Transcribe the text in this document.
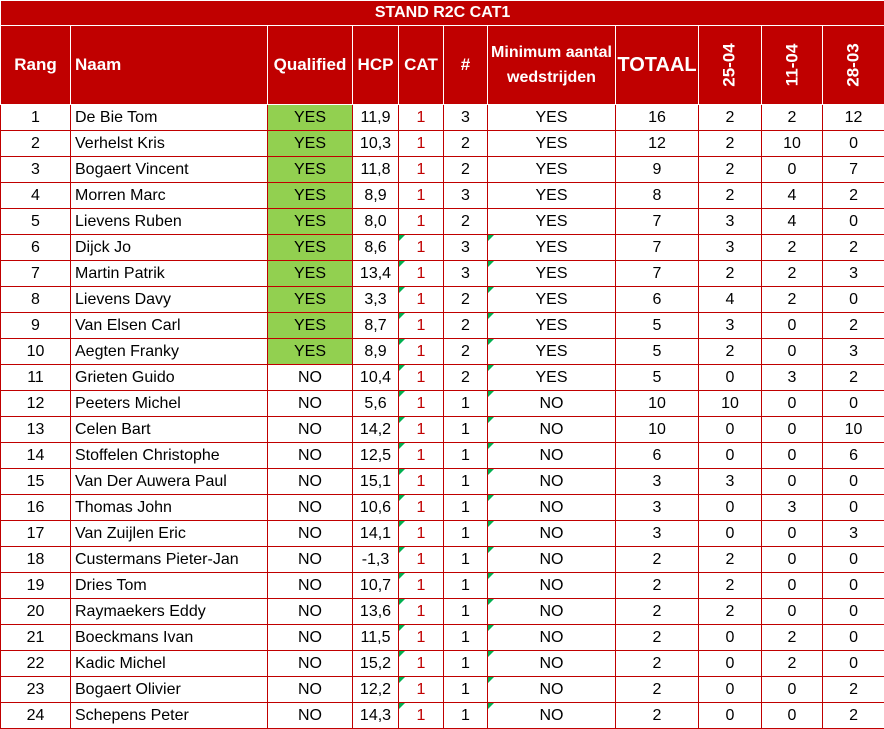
STAND R2C CAT1										
Rang	Naam	Qualified	HCP	CAT	#	Minimum aantal wedstrijden	TOTAAL	25-04	11-04	28-03
1	De Bie Tom	YES	11,9	1	3	YES	16	2	2	12
2	Verhelst Kris	YES	10,3	1	2	YES	12	2	10	0
3	Bogaert Vincent	YES	11,8	1	2	YES	9	2	0	7
4	Morren Marc	YES	8,9	1	3	YES	8	2	4	2
5	Lievens Ruben	YES	8,0	1	2	YES	7	3	4	0
6	Dijck Jo	YES	8,6	1	3	YES	7	3	2	2
7	Martin Patrik	YES	13,4	1	3	YES	7	2	2	3
8	Lievens Davy	YES	3,3	1	2	YES	6	4	2	0
9	Van Elsen Carl	YES	8,7	1	2	YES	5	3	0	2
10	Aegten Franky	YES	8,9	1	2	YES	5	2	0	3
11	Grieten Guido	NO	10,4	1	2	YES	5	0	3	2
12	Peeters Michel	NO	5,6	1	1	NO	10	10	0	0
13	Celen Bart	NO	14,2	1	1	NO	10	0	0	10
14	Stoffelen Christophe	NO	12,5	1	1	NO	6	0	0	6
15	Van Der Auwera Paul	NO	15,1	1	1	NO	3	3	0	0
16	Thomas John	NO	10,6	1	1	NO	3	0	3	0
17	Van Zuijlen Eric	NO	14,1	1	1	NO	3	0	0	3
18	Custermans Pieter-Jan	NO	-1,3	1	1	NO	2	2	0	0
19	Dries Tom	NO	10,7	1	1	NO	2	2	0	0
20	Raymaekers Eddy	NO	13,6	1	1	NO	2	2	0	0
21	Boeckmans Ivan	NO	11,5	1	1	NO	2	0	2	0
22	Kadic Michel	NO	15,2	1	1	NO	2	0	2	0
23	Bogaert Olivier	NO	12,2	1	1	NO	2	0	0	2
24	Schepens Peter	NO	14,3	1	1	NO	2	0	0	2
